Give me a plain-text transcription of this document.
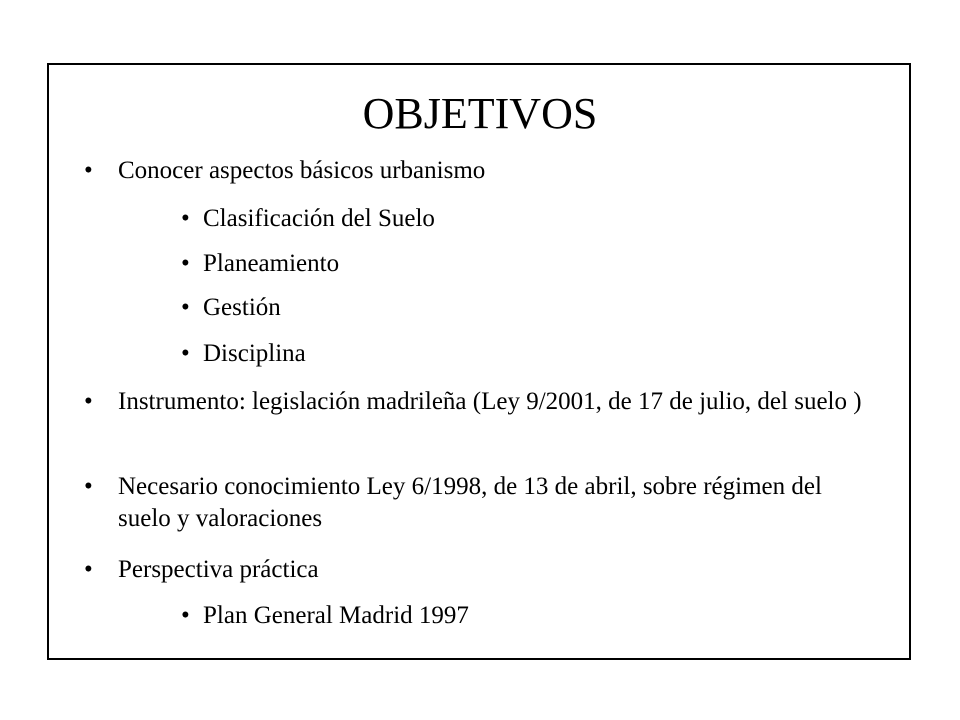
OBJETIVOS
• Conocer aspectos básicos urbanismo
• Clasificación del Suelo
• Planeamiento
• Gestión
• Disciplina
• Instrumento: legislación madrileña (Ley 9/2001, de 17 de julio, del suelo )
• Necesario conocimiento Ley 6/1998, de 13 de abril, sobre régimen del suelo y valoraciones
• Perspectiva práctica
• Plan General Madrid 1997
